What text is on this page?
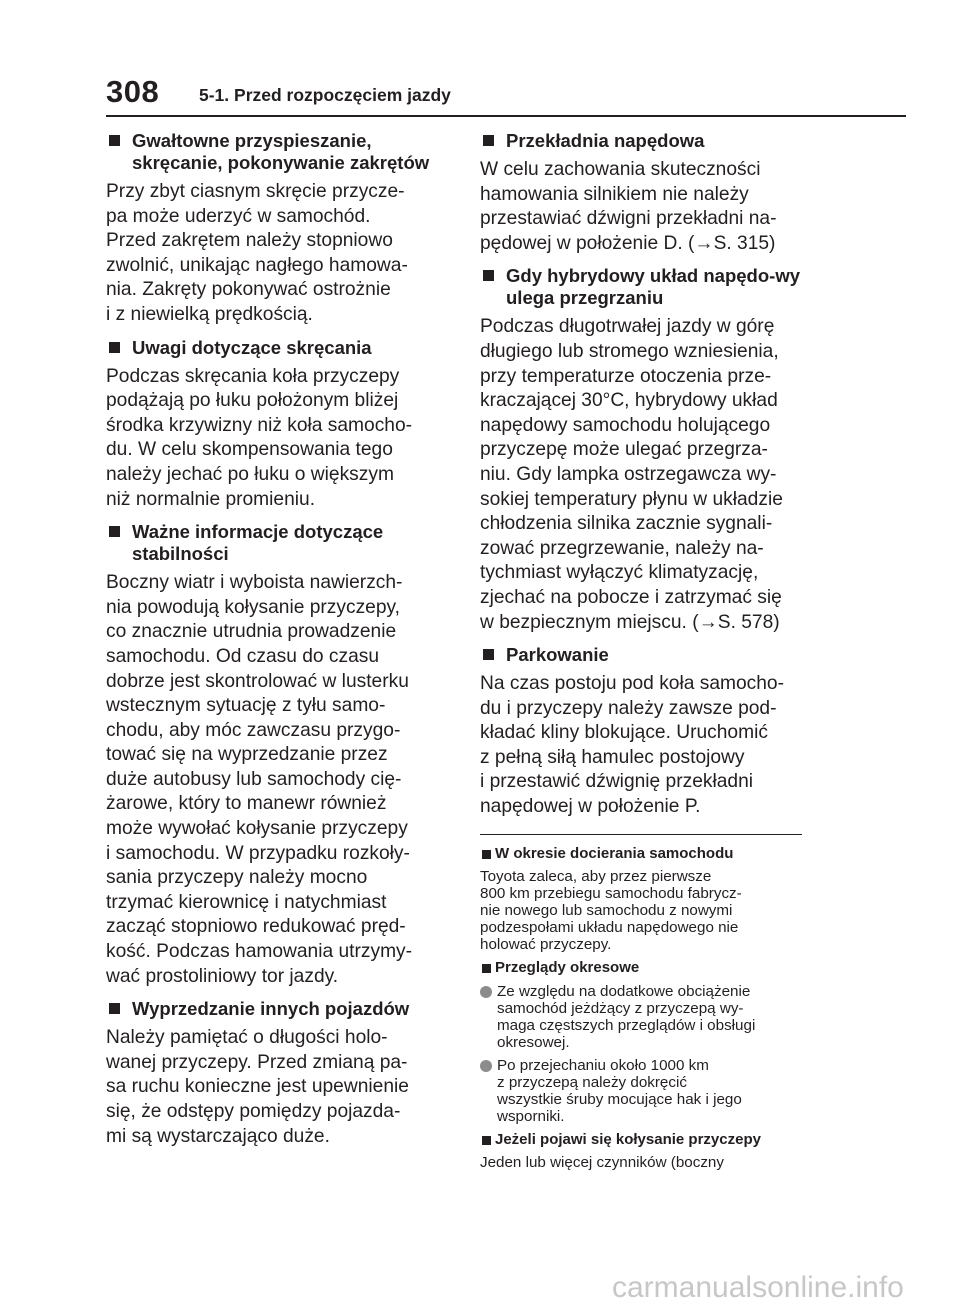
308 5-1. Przed rozpoczęciem jazdy
Gwałtowne przyspieszanie, skręcanie, pokonywanie zakrętów
Przy zbyt ciasnym skręcie przycze-
pa może uderzyć w samochód.
Przed zakrętem należy stopniowo
zwolnić, unikając nagłego hamowa-
nia. Zakręty pokonywać ostrożnie
i z niewielką prędkością.
Uwagi dotyczące skręcania
Podczas skręcania koła przyczepy
podążają po łuku położonym bliżej
środka krzywizny niż koła samocho-
du. W celu skompensowania tego
należy jechać po łuku o większym
niż normalnie promieniu.
Ważne informacje dotyczące stabilności
Boczny wiatr i wyboista nawierzch-
nia powodują kołysanie przyczepy,
co znacznie utrudnia prowadzenie
samochodu. Od czasu do czasu
dobrze jest skontrolować w lusterku
wstecznym sytuację z tyłu samo-
chodu, aby móc zawczasu przygo-
tować się na wyprzedzanie przez
duże autobusy lub samochody cię-
żarowe, który to manewr również
może wywołać kołysanie przyczepy
i samochodu. W przypadku rozkoły-
sania przyczepy należy mocno
trzymać kierownicę i natychmiast
zacząć stopniowo redukować pręd-
kość. Podczas hamowania utrzymy-
wać prostoliniowy tor jazdy.
Wyprzedzanie innych pojazdów
Należy pamiętać o długości holo-
wanej przyczepy. Przed zmianą pa-
sa ruchu konieczne jest upewnienie
się, że odstępy pomiędzy pojazda-
mi są wystarczająco duże.
Przekładnia napędowa
W celu zachowania skuteczności
hamowania silnikiem nie należy
przestawiać dźwigni przekładni na-
pędowej w położenie D. (→S. 315)
Gdy hybrydowy układ napędo-wy ulega przegrzaniu
Podczas długotrwałej jazdy w górę
długiego lub stromego wzniesienia,
przy temperaturze otoczenia prze-
kraczającej 30°C, hybrydowy układ
napędowy samochodu holującego
przyczepę może ulegać przegrza-
niu. Gdy lampka ostrzegawcza wy-
sokiej temperatury płynu w układzie
chłodzenia silnika zacznie sygnali-
zować przegrzewanie, należy na-
tychmiast wyłączyć klimatyzację,
zjechać na pobocze i zatrzymać się
w bezpiecznym miejscu. (→S. 578)
Parkowanie
Na czas postoju pod koła samocho-
du i przyczepy należy zawsze pod-
kładać kliny blokujące. Uruchomić
z pełną siłą hamulec postojowy
i przestawić dźwignię przekładni
napędowej w położenie P.
W okresie docierania samochodu
Toyota zaleca, aby przez pierwsze
800 km przebiegu samochodu fabrycz-
nie nowego lub samochodu z nowymi
podzespołami układu napędowego nie
holować przyczepy.
Przeglądy okresowe
Ze względu na dodatkowe obciążenie
samochód jeżdżący z przyczepą wy-
maga częstszych przeglądów i obsługi
okresowej.
Po przejechaniu około 1000 km
z przyczepą należy dokręcić
wszystkie śruby mocujące hak i jego
wsporniki.
Jeżeli pojawi się kołysanie przyczepy
Jeden lub więcej czynników (boczny
carmanualsonline.info
